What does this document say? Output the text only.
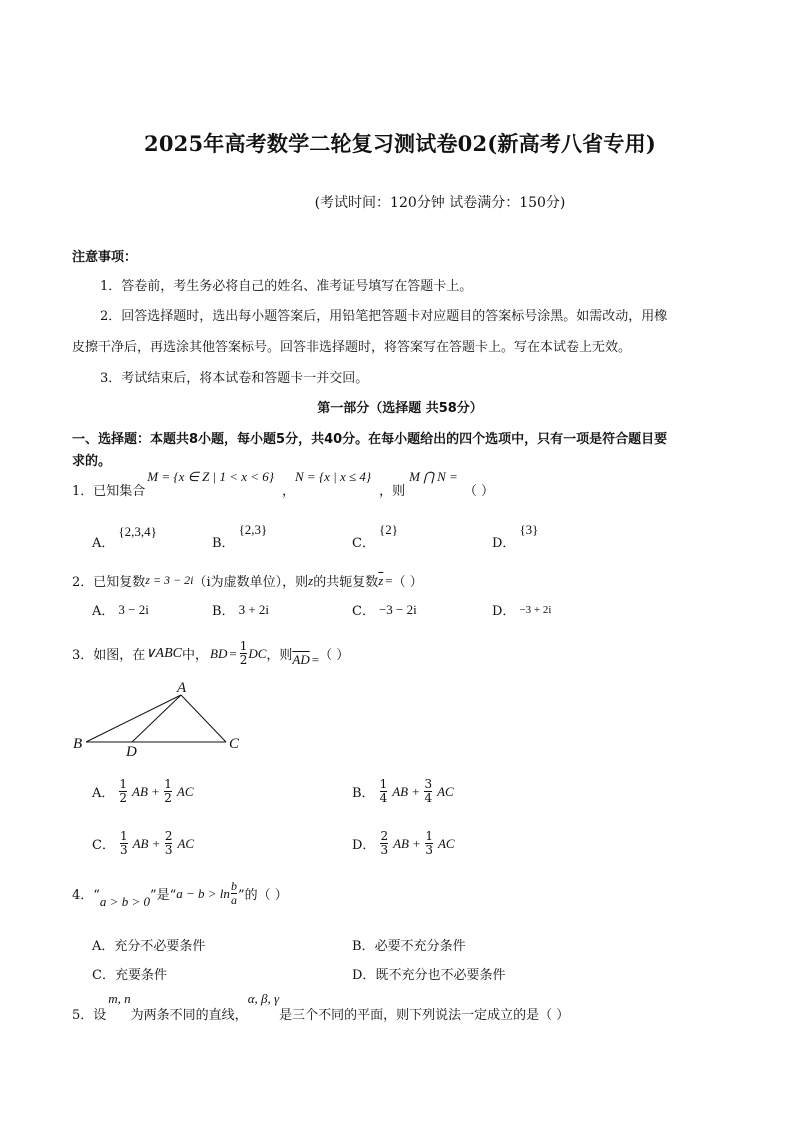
2025年高考数学二轮复习测试卷02(新高考八省专用)
(考试时间：120分钟 试卷满分：150分)
注意事项：
1．答卷前，考生务必将自己的姓名、准考证号填写在答题卡上。
2．回答选择题时，选出每小题答案后，用铅笔把答题卡对应题目的答案标号涂黑。如需改动，用橡
皮擦干净后，再选涂其他答案标号。回答非选择题时，将答案写在答题卡上。写在本试卷上无效。
3．考试结束后，将本试卷和答题卡一并交回。
第一部分（选择题 共58分）
一、选择题：本题共8小题，每小题5分，共40分。在每小题给出的四个选项中，只有一项是符合题目要
求的。
1．已知集合
M = {x ∈ Z | 1 < x < 6}
，
N = {x | x ≤ 4}
，则
M ⋂ N =
（ ）
A．
{2,3,4}
B．
{2,3}
C．
{2}
D．
{3}
2．已知复数 z = 3 − 2i （i为虚数单位），则 z 的共轭复数 $\overline{z}$ = （ ）
A． 3 − 2i	B． 3 + 2i	C． −3 − 2i	D． −3 + 2i
3．如图，在 ∨ABC 中， BD = $\frac{1}{2}$ DC ，则 $\overline{AD}$ = （ ）
A
B	C
D
A． $\frac{1}{2}$ AB + $\frac{1}{2}$ AC	B． $\frac{1}{4}$ AB + $\frac{3}{4}$ AC
C． $\frac{1}{3}$ AB + $\frac{2}{3}$ AC	D． $\frac{2}{3}$ AB + $\frac{1}{3}$ AC
4．“ a > b > 0 ”是“ $a - b > \ln \frac{b}{a}$ ”的（ ）
A．充分不必要条件	B．必要不充分条件
C．充要条件	D．既不充分也不必要条件
5．设
m, n
为两条不同的直线，
α, β, γ
是三个不同的平面，则下列说法一定成立的是（ ）
